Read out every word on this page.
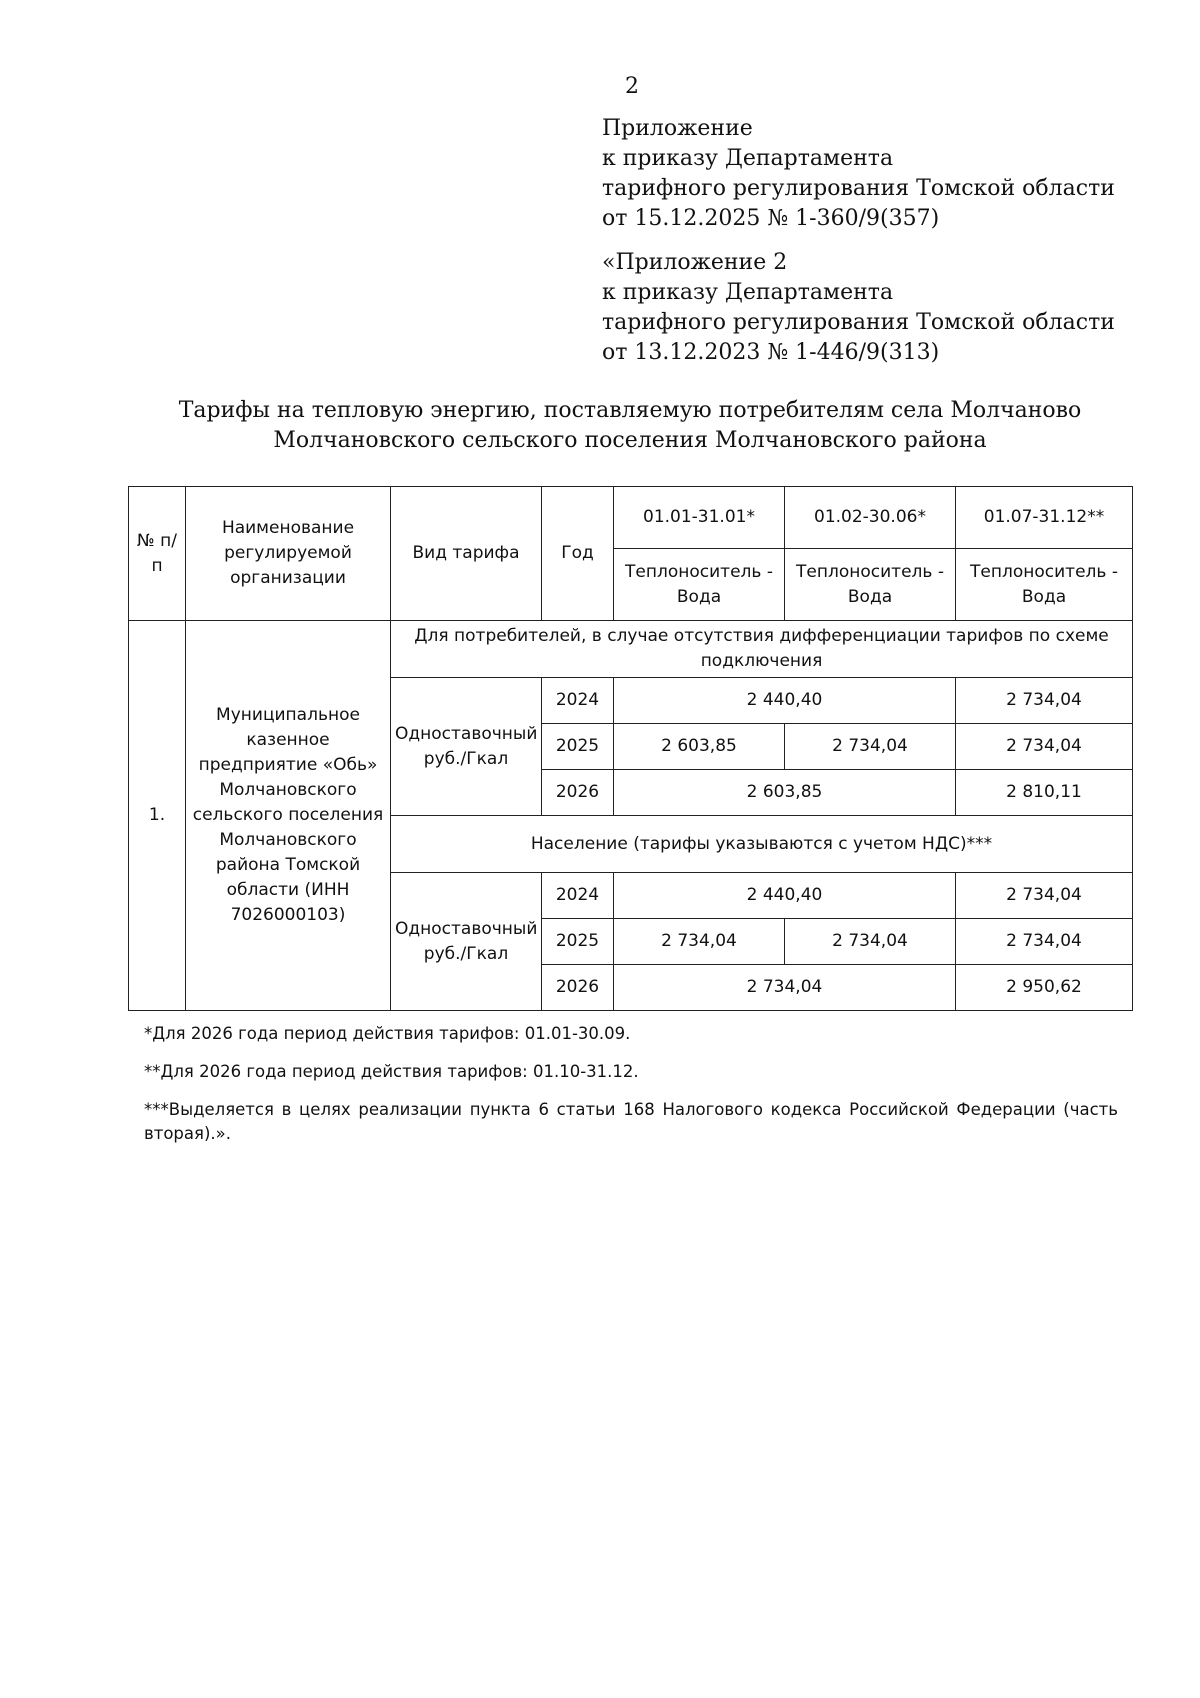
2
Приложение
к приказу Департамента
тарифного регулирования Томской области
от 15.12.2025 № 1-360/9(357)
«Приложение 2
к приказу Департамента
тарифного регулирования Томской области
от 13.12.2023 № 1-446/9(313)
Тарифы на тепловую энергию, поставляемую потребителям села Молчаново
Молчановского сельского поселения Молчановского района
№ п/п	Наименование регулируемой организации	Вид тарифа	Год	01.01-31.01*	01.02-30.06*	01.07-31.12**
				Теплоноситель - Вода	Теплоноситель - Вода	Теплоноситель - Вода
1.	Муниципальное казенное предприятие «Обь» Молчановского сельского поселения Молчановского района Томской области (ИНН 7026000103)	Для потребителей, в случае отсутствия дифференциации тарифов по схеме подключения				
		Одноставочный руб./Гкал	2024	2 440,40		2 734,04
			2025	2 603,85	2 734,04	2 734,04
			2026	2 603,85		2 810,11
		Население (тарифы указываются с учетом НДС)***				
		Одноставочный руб./Гкал	2024	2 440,40		2 734,04
			2025	2 734,04	2 734,04	2 734,04
			2026	2 734,04		2 950,62

*Для 2026 года период действия тарифов: 01.01-30.09.

**Для 2026 года период действия тарифов: 01.10-31.12.

***Выделяется в целях реализации пункта 6 статьи 168 Налогового кодекса Российской Федерации (часть вторая).».
